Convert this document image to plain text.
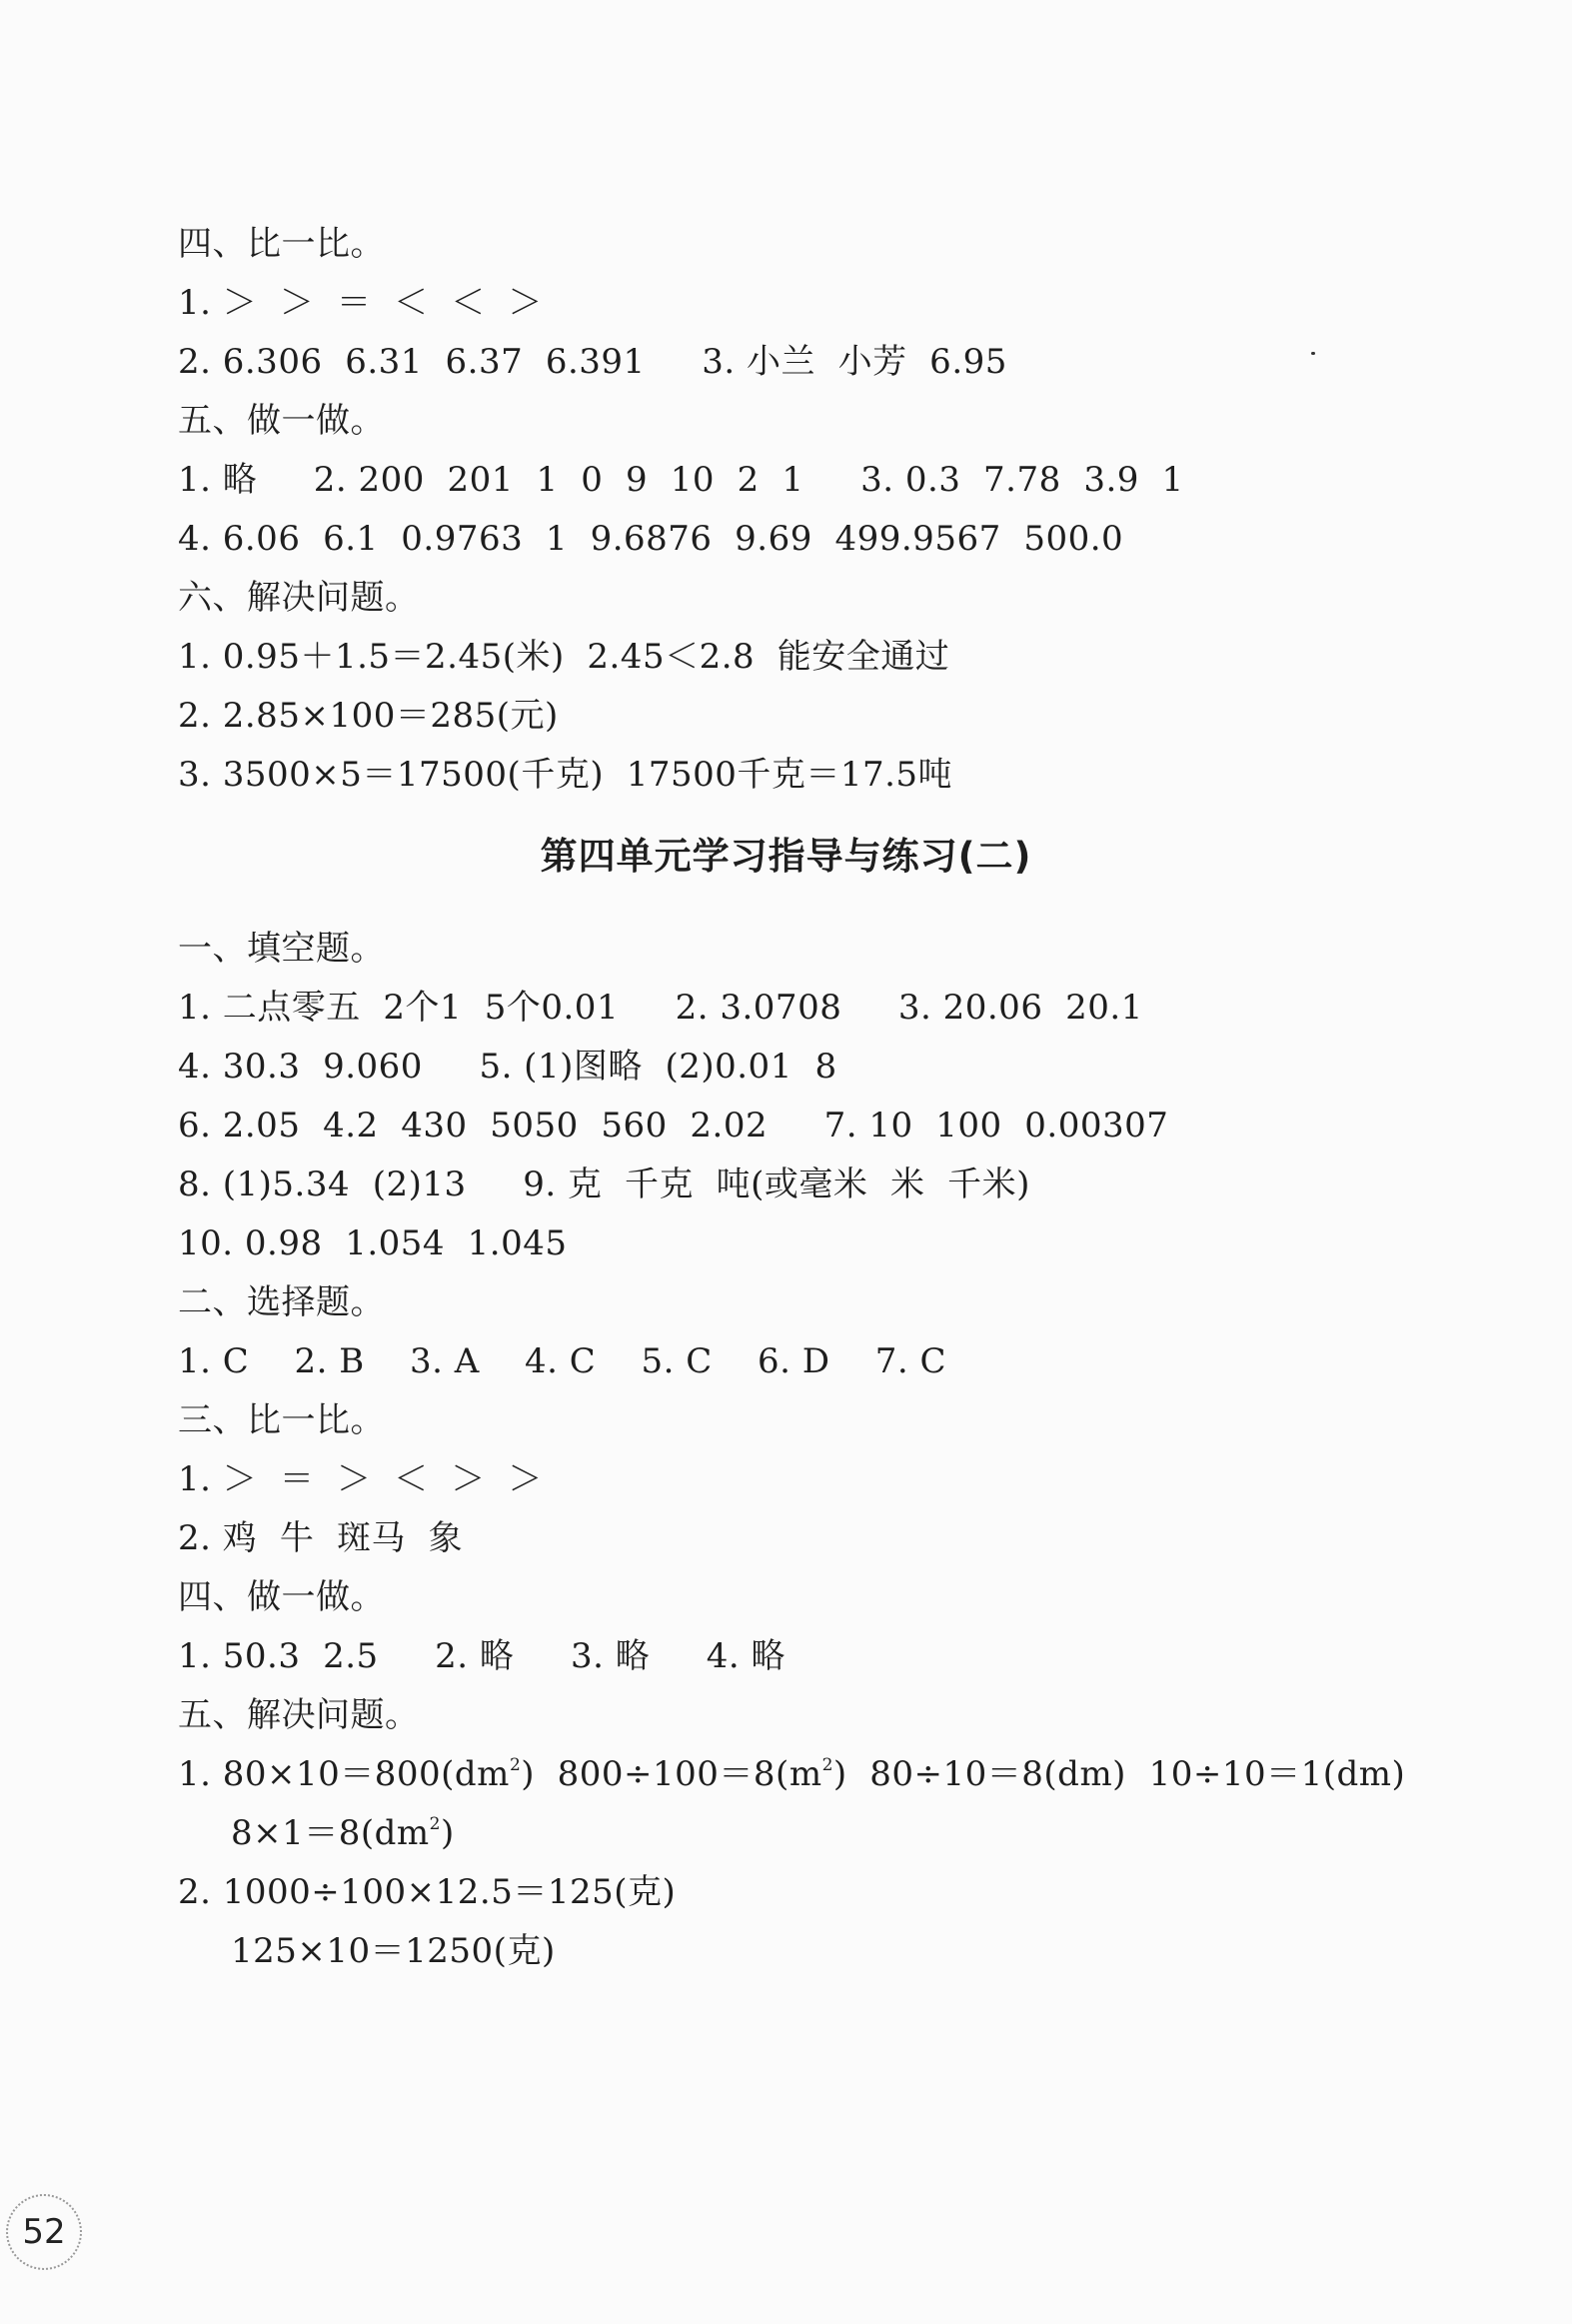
四、比一比。
1. ＞  ＞  ＝  ＜  ＜  ＞
2. 6.306  6.31  6.37  6.391     3. 小兰  小芳  6.95
五、做一做。
1. 略     2. 200  201  1  0  9  10  2  1     3. 0.3  7.78  3.9  1
4. 6.06  6.1  0.9763  1  9.6876  9.69  499.9567  500.0
六、解决问题。
1. 0.95＋1.5＝2.45(米)  2.45＜2.8  能安全通过
2. 2.85×100＝285(元)
3. 3500×5＝17500(千克)  17500千克＝17.5吨
第四单元学习指导与练习(二)
一、填空题。
1. 二点零五  2个1  5个0.01     2. 3.0708     3. 20.06  20.1
4. 30.3  9.060     5. (1)图略  (2)0.01  8
6. 2.05  4.2  430  5050  560  2.02     7. 10  100  0.00307
8. (1)5.34  (2)13     9. 克  千克  吨(或毫米  米  千米)
10. 0.98  1.054  1.045
二、选择题。
1. C    2. B    3. A    4. C    5. C    6. D    7. C
三、比一比。
1. ＞  ＝  ＞  ＜  ＞  ＞
2. 鸡  牛  斑马  象
四、做一做。
1. 50.3  2.5     2. 略     3. 略     4. 略
五、解决问题。
1. $80\times 10=800(dm^2)$  $800\div 100=8(m^2)$  80÷10＝8(dm)  10÷10＝1(dm)
$8\times 1=8(dm^2)$
2. 1000÷100×12.5＝125(克)
125×10＝1250(克)
52
